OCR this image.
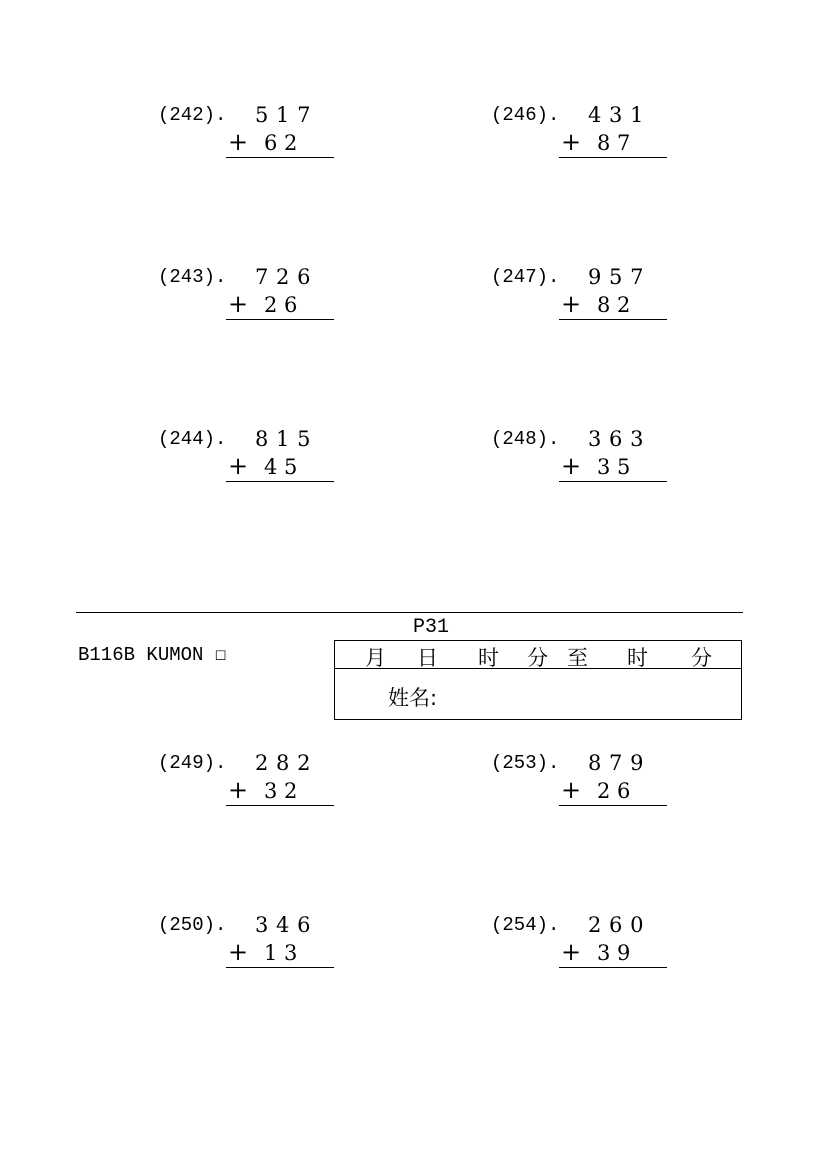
(242). 5 1 7
+ 6 2
(246). 4 3 1
+ 8 7
(243). 7 2 6
+ 2 6
(247). 9 5 7
+ 8 2
(244). 8 1 5
+ 4 5
(248). 3 6 3
+ 3 5
P31
B116B KUMON ☐	月 日 时 分 至 时 分
姓名:
(249). 2 8 2
+ 3 2
(253). 8 7 9
+ 2 6
(250). 3 4 6
+ 1 3
(254). 2 6 0
+ 3 9
